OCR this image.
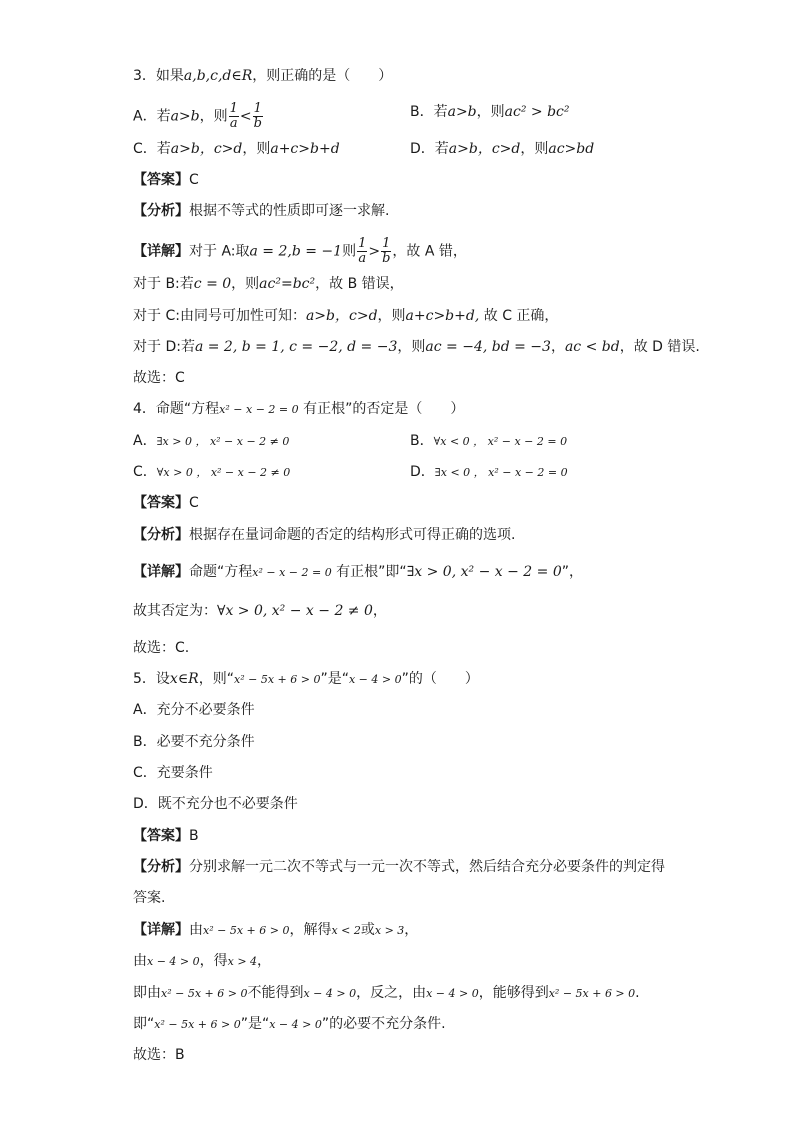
3．如果a,b,c,d∈R，则正确的是（　　）
A．若a>b，则 $\frac{1}{a} < \frac{1}{b}$	B．若a>b，则ac² > bc²
C．若a>b，c>d，则a+c>b+d	D．若a>b，c>d，则ac>bd
【答案】C
【分析】根据不等式的性质即可逐一求解.
【详解】对于 A:取a = 2,b = −1则 $\frac{1}{a} > \frac{1}{b}$ ，故 A 错，
对于 B:若c = 0，则ac²=bc²，故 B 错误，
对于 C:由同号可加性可知：a>b，c>d，则a+c>b+d, 故 C 正确，
对于 D:若a = 2, b = 1, c = −2, d = −3，则ac = −4, bd = −3，ac < bd，故 D 错误.
故选：C
4．命题“方程x² − x − 2 = 0 有正根”的否定是（　　）
A．∃x > 0 ， x² − x − 2 ≠ 0	B．∀x < 0 ， x² − x − 2 = 0
C．∀x > 0 ， x² − x − 2 ≠ 0	D．∃x < 0 ， x² − x − 2 = 0
【答案】C
【分析】根据存在量词命题的否定的结构形式可得正确的选项.
【详解】命题“方程x² − x − 2 = 0 有正根”即“∃x > 0, x² − x − 2 = 0”，
故其否定为：∀x > 0, x² − x − 2 ≠ 0，
故选：C.
5．设x∈R，则“x² − 5x + 6 > 0”是“x − 4 > 0”的（　　）
A．充分不必要条件
B．必要不充分条件
C．充要条件
D．既不充分也不必要条件
【答案】B
【分析】分别求解一元二次不等式与一元一次不等式，然后结合充分必要条件的判定得
答案.
【详解】由x² − 5x + 6 > 0，解得x < 2或x > 3，
由x − 4 > 0，得x > 4，
即由x² − 5x + 6 > 0不能得到x − 4 > 0，反之，由x − 4 > 0，能够得到x² − 5x + 6 > 0.
即“x² − 5x + 6 > 0”是“x − 4 > 0”的必要不充分条件.
故选：B
